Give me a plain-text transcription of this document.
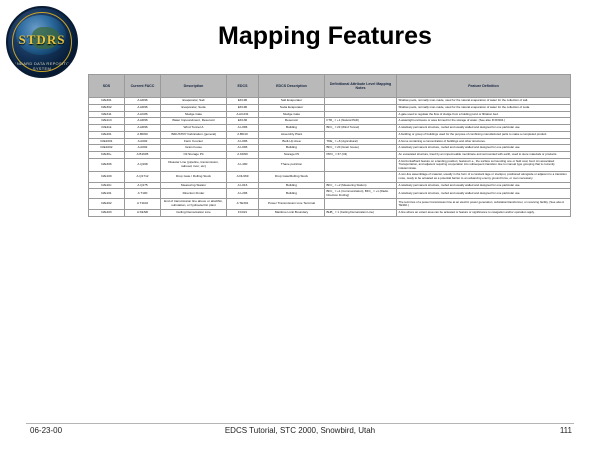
STDRS
STANDARD DATA REPOSITORY SYSTEM
Mapping Features
SDS	Current FACC	Description	EDCS	EDCS Description	Definitional Attribute Level Mapping Notes	Feature Definition
D/E301	A AD96	Evaporator, Salt	EK196	Salt Evaporator		Shallow pools, normally man-made, used for the natural evaporation of water for the collection of salt.
D/E302	A AD96	Evaporator, Soda	EK196	Soda Evaporator		Shallow pools, normally man-made, used for the natural evaporation of water for the collection of soda.
D/E311	A AC86	Sludge Gate	A AC231	Sludge Gate		A gate used to regulate the flow of sludge from a holding pond or filtration bed.
D/E113	A AD96	Water Impoundment, Reservoir	EK130	Reservoir	FTR_ = +1 (Natural PAD)	A watertight enclosure or area formed for the storage of water. (See also R FD304.)
D/E11k	A AD96	Wind Tunnel A	A L096	Building	BFC_ = 23 (Wind Tunnel)	A relatively permanent structure, roofed and usually walled and designed for one particular use.
D/E401	A BD90	INDUSTRY Fabrication (general)	A BD10	Assembly Plant		A building or group of buildings used for the purpose of combining manufactured parts to make a completed product.
D/E1001	A A002	Farm Counter	A L096	Built-Up Area	TDE_ = +6 (Agricultural)	A home containing a concentration of buildings and other structures.
D/E1002	A A002	Grain house	A L096	Building	BFC_ = 20 (Grain house)	A relatively permanent structure, roofed and usually walled and designed for one particular use.
D/E30+	A B1605	Oil Storage Pit	A KD90	Storage Pit	PRO_ = 67 (Oil)	An excavated structure, lined by an impermeable membrane and surrounded with earth, used to store materials or products.
D/E306	A Q168	Disaster Line (pipeline, transmission, railroad, river, etc)	A L490	Thane point/ion		A horizontal/hard feature on a landing position; featured i.e., the surface surrounding one or field coal, food. An associated Transportation, and adjacent requiring cooperation into subsequent transition due to manual type grouping that is currently indeterminate.
D/E100	A Q1712	Drop Gate / Rolling Stock	A DL969	Drop Gate/Rolling Stock		A non-live assemblage of materiel, usually in the form of a constant lage or stockpot, positioned alongside or adjacent to a transition route, ready to be actuated as a potential barrier to an advancing enemy ground force, or men necessary.
D/E10c	A Q175	Measuring Station	A L016	Building	BFC_ = +2 (Measuring Station)	A relatively permanent structure, roofed and usually walled and designed for one particular use.
D/E101	A T100	Direction Finder	A L296	Building	BFC_ = +1 (Communication), BFC_ = +1 (Radio Direction Finding)	A relatively permanent structure, roofed and usually walled and designed for one particular use.
D/E402	A T1102	End of transmission line above or at/within, substation, or hydroelectric plant	A TE301	Power Transmission Line Terminal		The terminus of a power transmission line at an electric power generation, substation/transformer, or receiving facility. (See also A TE302.)
D/E403	A KEND	Ceiling Demarcation Line	FC021	Maritime Limit Boundary	BHB_ = 1 (Ceiling Demarcation Line)	A line where an extent area can be actuated or feature or significance to navigation and/or operation apply.
06-23-00	EDCS Tutorial, STC 2000, Snowbird, Utah	111
